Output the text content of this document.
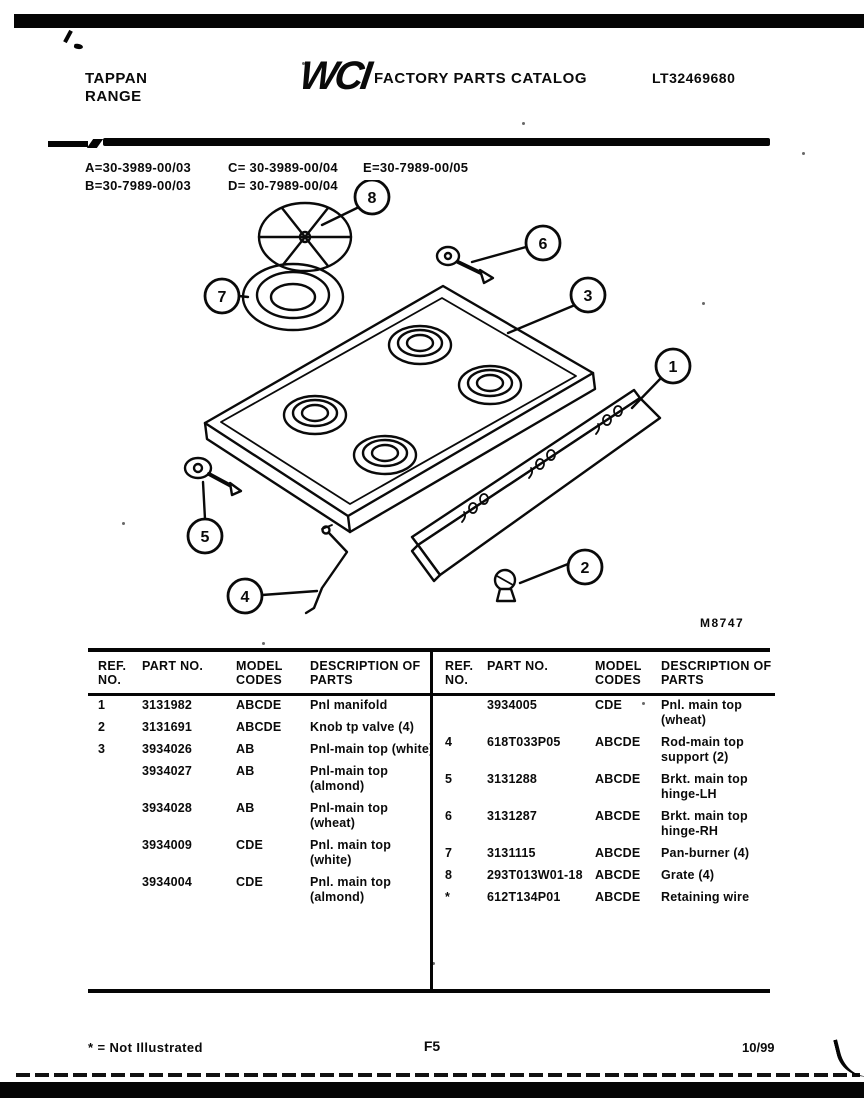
TAPPAN
RANGE	WCI FACTORY PARTS CATALOG	LT32469680
A=30-3989-00/03
B=30-7989-00/03
C= 30-3989-00/04
D= 30-7989-00/04
E=30-7989-00/05
8
6
7	3
1
5
4
2
M8747
REF. NO.	PART NO.	MODEL CODES	DESCRIPTION OF PARTS
1	3131982	ABCDE	Pnl manifold
2	3131691	ABCDE	Knob tp valve (4)
3	3934026	AB	Pnl-main top (white)
	3934027	AB	Pnl-main top (almond)
	3934028	AB	Pnl-main top (wheat)
	3934009	CDE	Pnl. main top (white)
	3934004	CDE	Pnl. main top (almond)
REF. NO.	PART NO.	MODEL CODES	DESCRIPTION OF PARTS
	3934005	CDE	Pnl. main top (wheat)
4	618T033P05	ABCDE	Rod-main top support (2)
5	3131288	ABCDE	Brkt. main top hinge-LH
6	3131287	ABCDE	Brkt. main top hinge-RH
7	3131115	ABCDE	Pan-burner (4)
8	293T013W01-18	ABCDE	Grate (4)
*	612T134P01	ABCDE	Retaining wire
* = Not Illustrated	F5	10/99
